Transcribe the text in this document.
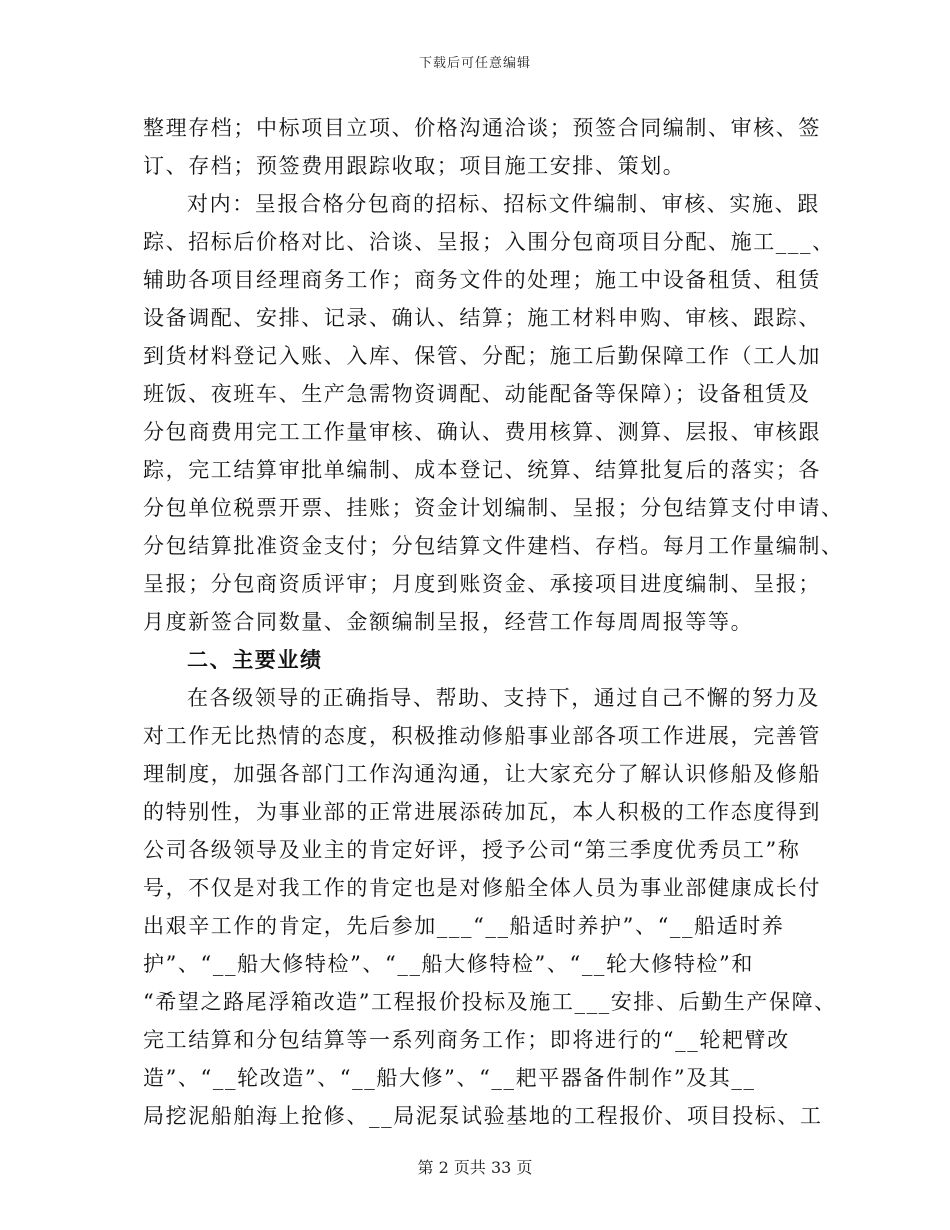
下载后可任意编辑
整理存档；中标项目立项、价格沟通洽谈；预签合同编制、审核、签
订、存档；预签费用跟踪收取；项目施工安排、策划。
对内：呈报合格分包商的招标、招标文件编制、审核、实施、跟
踪、招标后价格对比、洽谈、呈报；入围分包商项目分配、施工___、
辅助各项目经理商务工作；商务文件的处理；施工中设备租赁、租赁
设备调配、安排、记录、确认、结算；施工材料申购、审核、跟踪、
到货材料登记入账、入库、保管、分配；施工后勤保障工作（工人加
班饭、夜班车、生产急需物资调配、动能配备等保障）；设备租赁及
分包商费用完工工作量审核、确认、费用核算、测算、层报、审核跟
踪，完工结算审批单编制、成本登记、统算、结算批复后的落实；各
分包单位税票开票、挂账；资金计划编制、呈报；分包结算支付申请、
分包结算批准资金支付；分包结算文件建档、存档。每月工作量编制、
呈报；分包商资质评审；月度到账资金、承接项目进度编制、呈报；
月度新签合同数量、金额编制呈报，经营工作每周周报等等。
二、主要业绩
在各级领导的正确指导、帮助、支持下，通过自己不懈的努力及
对工作无比热情的态度，积极推动修船事业部各项工作进展，完善管
理制度，加强各部门工作沟通沟通，让大家充分了解认识修船及修船
的特别性，为事业部的正常进展添砖加瓦，本人积极的工作态度得到
公司各级领导及业主的肯定好评，授予公司“第三季度优秀员工”称
号，不仅是对我工作的肯定也是对修船全体人员为事业部健康成长付
出艰辛工作的肯定，先后参加___“__船适时养护”、“__船适时养
护”、“__船大修特检”、“__船大修特检”、“__轮大修特检”和
“希望之路尾浮箱改造”工程报价投标及施工___安排、后勤生产保障、
完工结算和分包结算等一系列商务工作；即将进行的“__轮耙臂改
造”、“__轮改造”、“__船大修”、“__耙平器备件制作”及其__
局挖泥船舶海上抢修、__局泥泵试验基地的工程报价、项目投标、工
第 2 页共 33 页
